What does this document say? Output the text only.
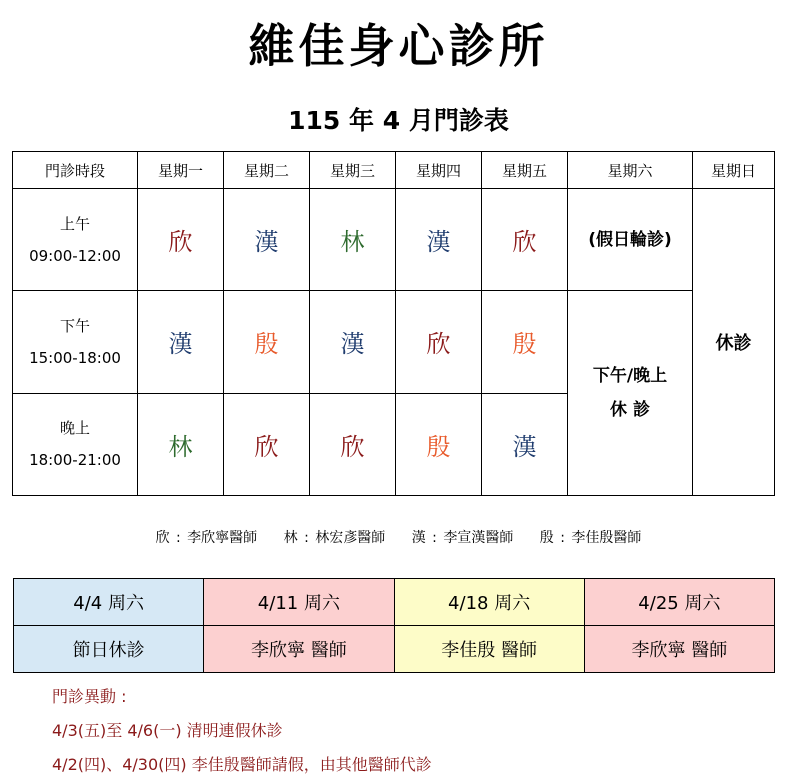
維佳身心診所
115 年 4 月門診表
門診時段	星期一	星期二	星期三	星期四	星期五	星期六	星期日

上午
09:00-12:00	欣	漢	林	漢	欣	(假日輪診)	休診

下午
15:00-18:00	漢	殷	漢	欣	殷	下午/晚上
休 診	

晚上
18:00-21:00	林	欣	欣	殷	漢		
欣 : 李欣寧醫師 林 : 林宏彥醫師 漢 : 李宣漢醫師 殷 : 李佳殷醫師
4/4 周六	4/11 周六	4/18 周六	4/25 周六
節日休診	李欣寧 醫師	李佳殷 醫師	李欣寧 醫師
門診異動 :
4/3(五)至 4/6(一) 清明連假休診
4/2(四)、4/30(四) 李佳殷醫師請假，由其他醫師代診
